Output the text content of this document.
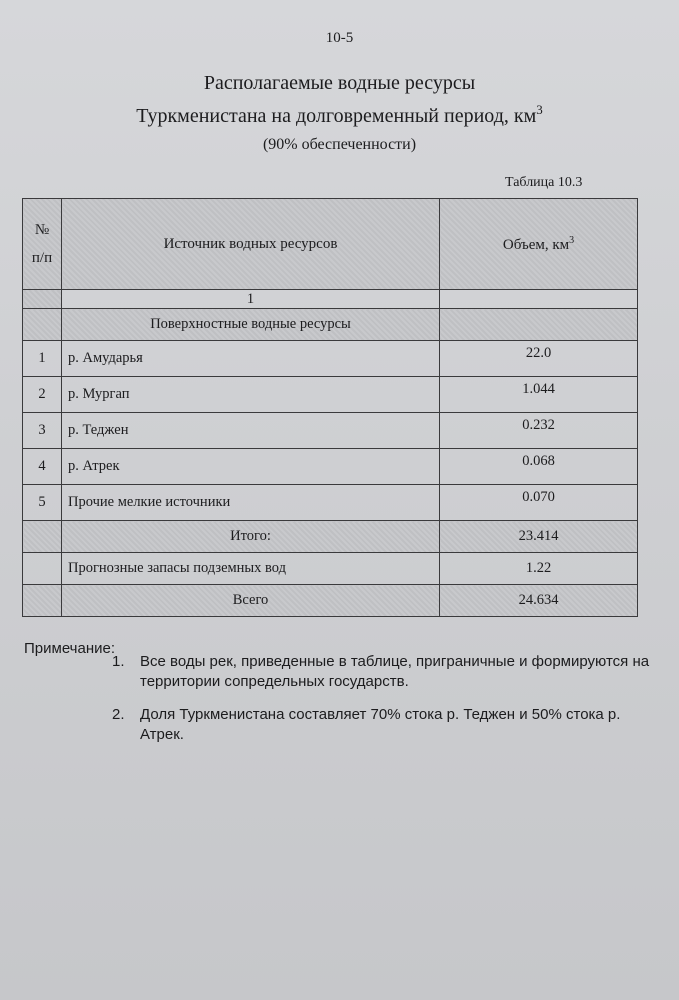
10-5
Располагаемые водные ресурсы
Туркменистана на долговременный период, $км^3$
(90% обеспеченности)
Таблица 10.3
№
п/п	Источник водных ресурсов	Объем, $км^3$
	1	
	Поверхностные водные ресурсы	
1	р. Амударья	22.0
2	р. Мургап	1.044
3	р. Теджен	0.232
4	р. Атрек	0.068
5	Прочие мелкие источники	0.070
	Итого:	23.414
	Прогнозные запасы подземных вод	1.22
	Всего	24.634
Примечание:
1. Все воды рек, приведенные в таблице, приграничные и формируются на территории сопредельных государств.
2. Доля Туркменистана составляет 70% стока р. Теджен и 50% стока р. Атрек.
